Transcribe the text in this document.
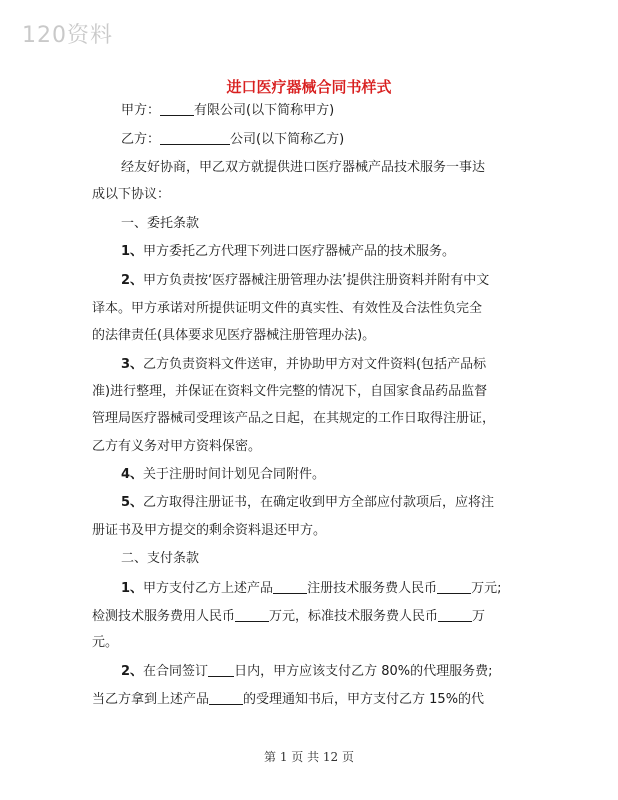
120资料
进口医疗器械合同书样式
甲方：	有限公司(以下简称甲方)
乙方：	公司(以下简称乙方)
经友好协商，甲乙双方就提供进口医疗器械产品技术服务一事达
成以下协议：
一、委托条款
1、甲方委托乙方代理下列进口医疗器械产品的技术服务。
2、甲方负责按‘医疗器械注册管理办法’提供注册资料并附有中文
译本。甲方承诺对所提供证明文件的真实性、有效性及合法性负完全
的法律责任(具体要求见医疗器械注册管理办法)。
3、乙方负责资料文件送审，并协助甲方对文件资料(包括产品标
准)进行整理，并保证在资料文件完整的情况下，自国家食品药品监督
管理局医疗器械司受理该产品之日起，在其规定的工作日取得注册证，
乙方有义务对甲方资料保密。
4、关于注册时间计划见合同附件。
5、乙方取得注册证书，在确定收到甲方全部应付款项后，应将注
册证书及甲方提交的剩余资料退还甲方。
二、支付条款
1、甲方支付乙方上述产品	注册技术服务费人民币	万元;
检测技术服务费用人民币	万元，标准技术服务费人民币	万
元。
2、在合同签订 日内，甲方应该支付乙方 80%的代理服务费;
当乙方拿到上述产品	的受理通知书后，甲方支付乙方 15%的代
第 1 页 共 12 页
